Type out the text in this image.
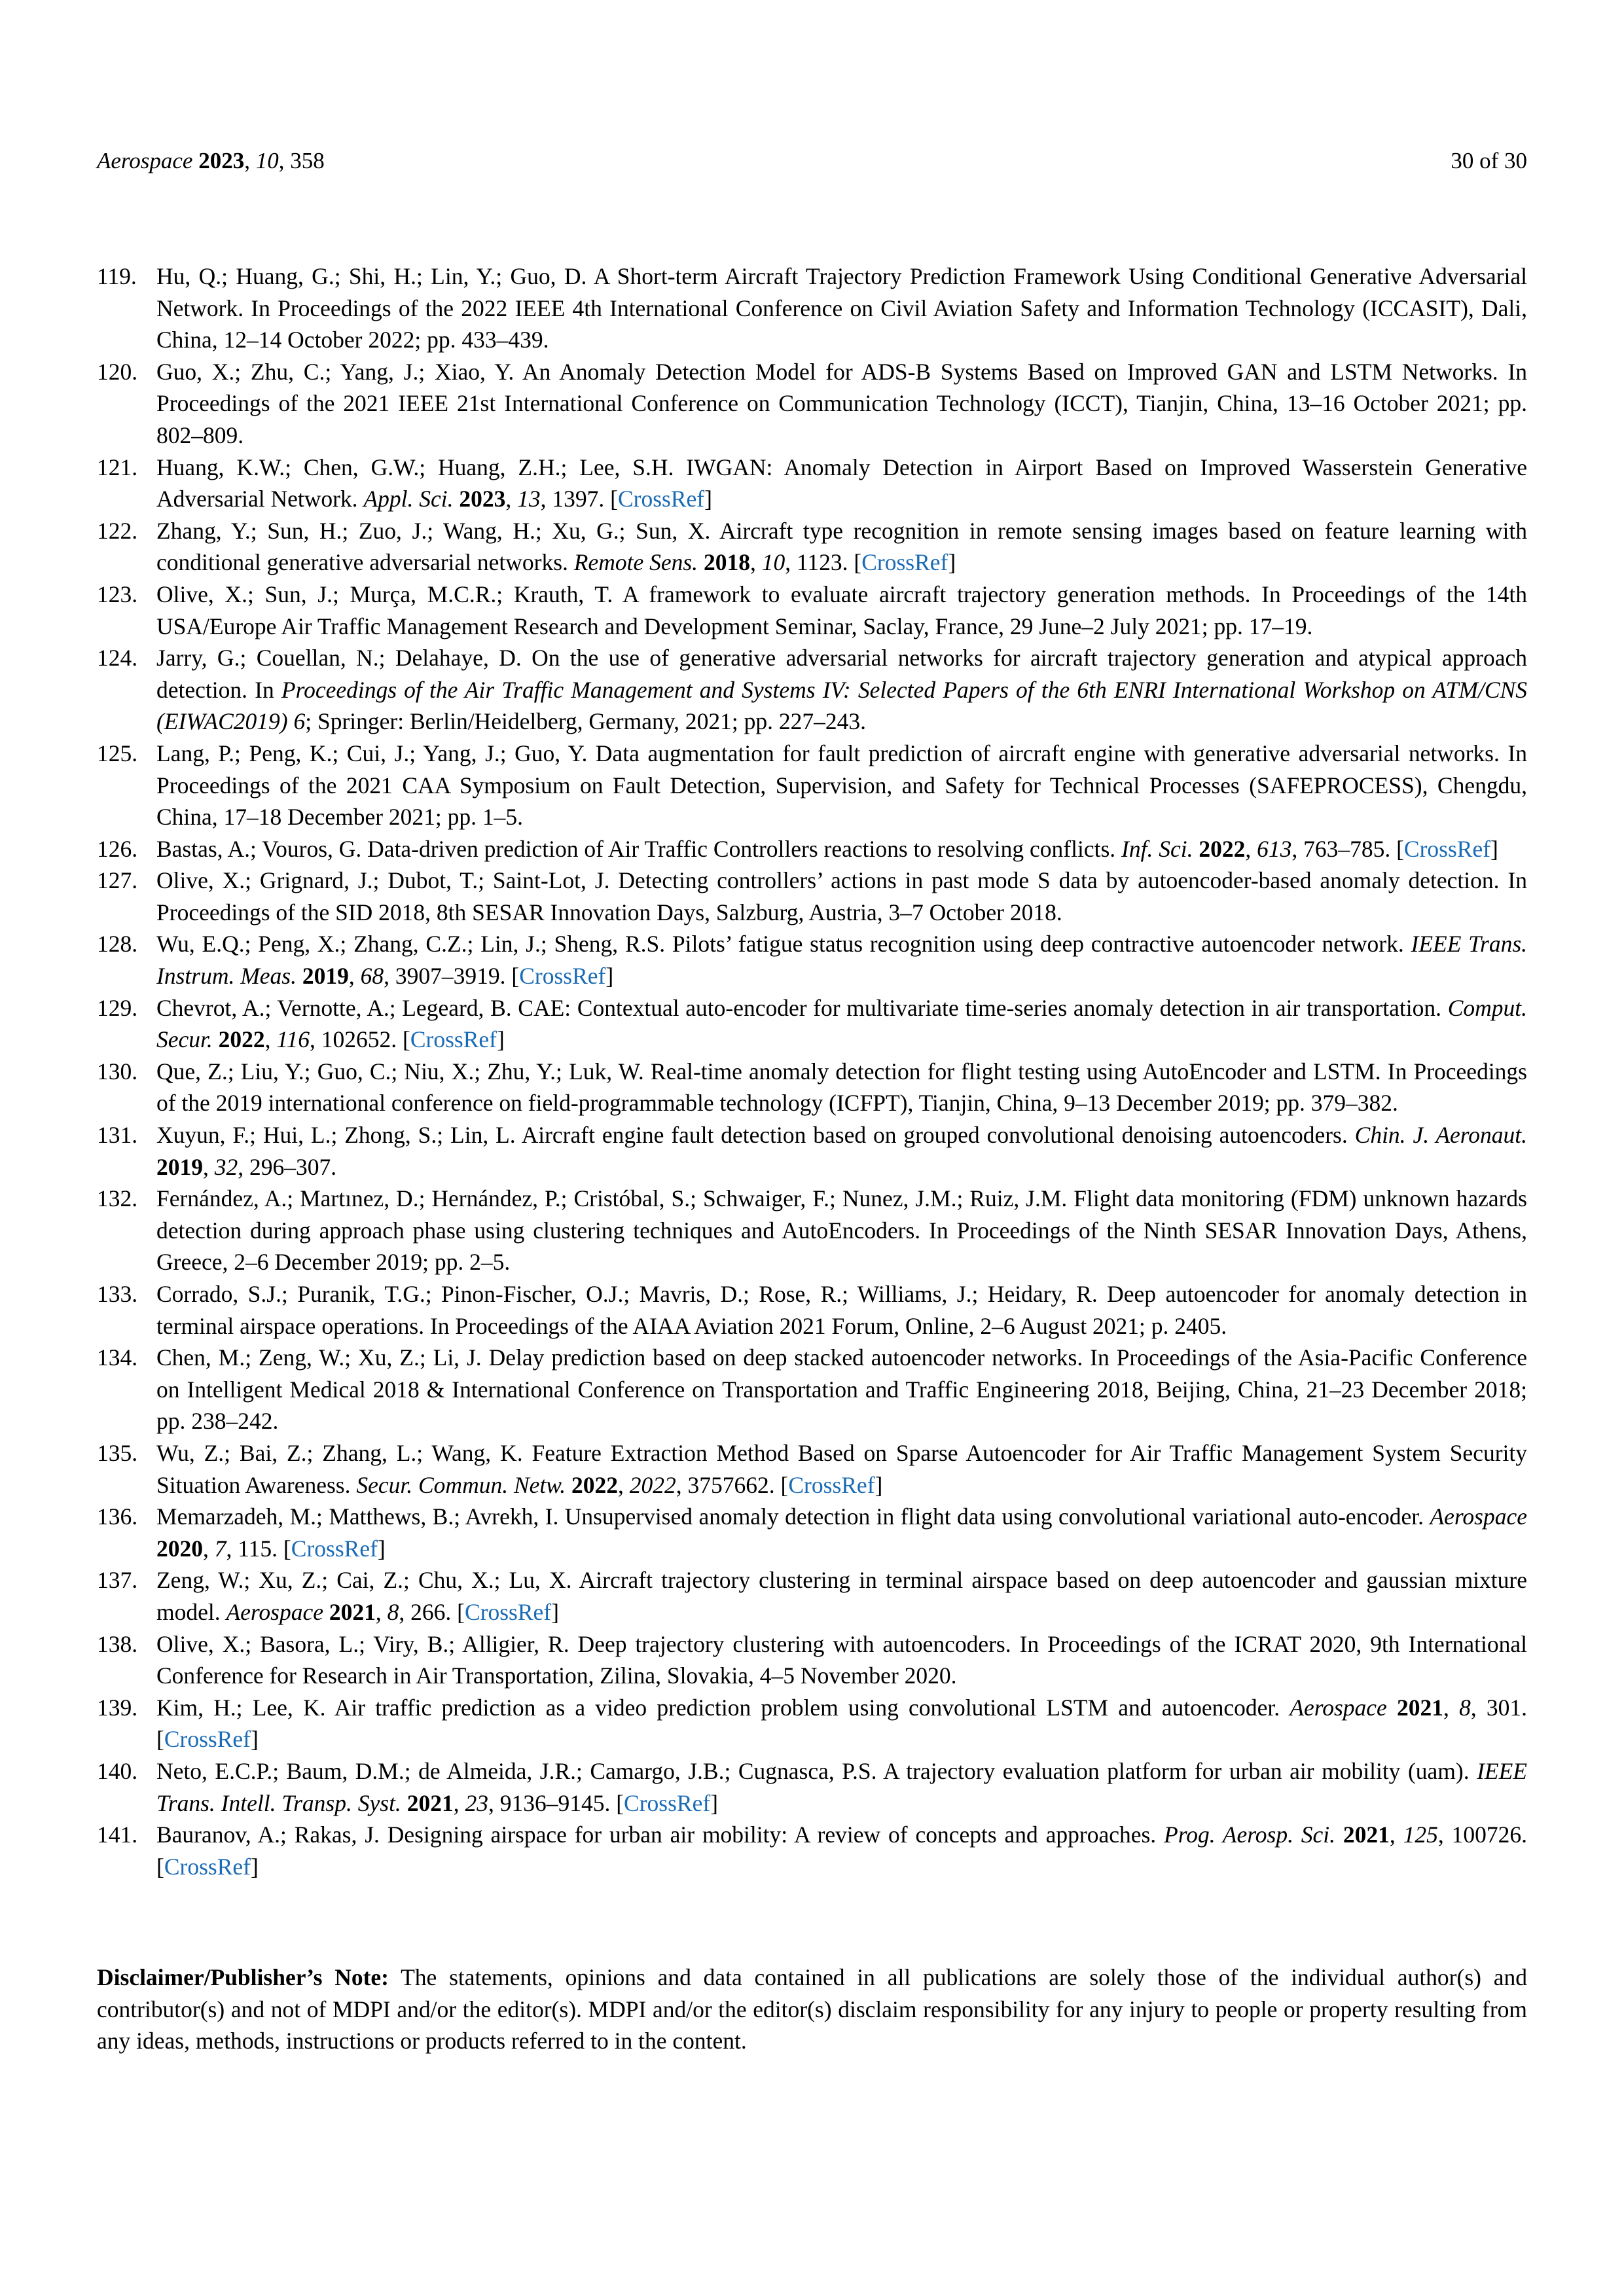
Aerospace 2023, 10, 358	30 of 30
119. Hu, Q.; Huang, G.; Shi, H.; Lin, Y.; Guo, D. A Short-term Aircraft Trajectory Prediction Framework Using Conditional Generative Adversarial Network. In Proceedings of the 2022 IEEE 4th International Conference on Civil Aviation Safety and Information Technology (ICCASIT), Dali, China, 12–14 October 2022; pp. 433–439.
120. Guo, X.; Zhu, C.; Yang, J.; Xiao, Y. An Anomaly Detection Model for ADS-B Systems Based on Improved GAN and LSTM Networks. In Proceedings of the 2021 IEEE 21st International Conference on Communication Technology (ICCT), Tianjin, China, 13–16 October 2021; pp. 802–809.
121. Huang, K.W.; Chen, G.W.; Huang, Z.H.; Lee, S.H. IWGAN: Anomaly Detection in Airport Based on Improved Wasserstein Generative Adversarial Network. Appl. Sci. 2023, 13, 1397. [CrossRef]
122. Zhang, Y.; Sun, H.; Zuo, J.; Wang, H.; Xu, G.; Sun, X. Aircraft type recognition in remote sensing images based on feature learning with conditional generative adversarial networks. Remote Sens. 2018, 10, 1123. [CrossRef]
123. Olive, X.; Sun, J.; Murça, M.C.R.; Krauth, T. A framework to evaluate aircraft trajectory generation methods. In Proceedings of the 14th USA/Europe Air Traffic Management Research and Development Seminar, Saclay, France, 29 June–2 July 2021; pp. 17–19.
124. Jarry, G.; Couellan, N.; Delahaye, D. On the use of generative adversarial networks for aircraft trajectory generation and atypical approach detection. In Proceedings of the Air Traffic Management and Systems IV: Selected Papers of the 6th ENRI International Workshop on ATM/CNS (EIWAC2019) 6; Springer: Berlin/Heidelberg, Germany, 2021; pp. 227–243.
125. Lang, P.; Peng, K.; Cui, J.; Yang, J.; Guo, Y. Data augmentation for fault prediction of aircraft engine with generative adversarial networks. In Proceedings of the 2021 CAA Symposium on Fault Detection, Supervision, and Safety for Technical Processes (SAFEPROCESS), Chengdu, China, 17–18 December 2021; pp. 1–5.
126. Bastas, A.; Vouros, G. Data-driven prediction of Air Traffic Controllers reactions to resolving conflicts. Inf. Sci. 2022, 613, 763–785. [CrossRef]
127. Olive, X.; Grignard, J.; Dubot, T.; Saint-Lot, J. Detecting controllers’ actions in past mode S data by autoencoder-based anomaly detection. In Proceedings of the SID 2018, 8th SESAR Innovation Days, Salzburg, Austria, 3–7 October 2018.
128. Wu, E.Q.; Peng, X.; Zhang, C.Z.; Lin, J.; Sheng, R.S. Pilots’ fatigue status recognition using deep contractive autoencoder network. IEEE Trans. Instrum. Meas. 2019, 68, 3907–3919. [CrossRef]
129. Chevrot, A.; Vernotte, A.; Legeard, B. CAE: Contextual auto-encoder for multivariate time-series anomaly detection in air transportation. Comput. Secur. 2022, 116, 102652. [CrossRef]
130. Que, Z.; Liu, Y.; Guo, C.; Niu, X.; Zhu, Y.; Luk, W. Real-time anomaly detection for flight testing using AutoEncoder and LSTM. In Proceedings of the 2019 international conference on field-programmable technology (ICFPT), Tianjin, China, 9–13 December 2019; pp. 379–382.
131. Xuyun, F.; Hui, L.; Zhong, S.; Lin, L. Aircraft engine fault detection based on grouped convolutional denoising autoencoders. Chin. J. Aeronaut. 2019, 32, 296–307.
132. Fernández, A.; Martınez, D.; Hernández, P.; Cristóbal, S.; Schwaiger, F.; Nunez, J.M.; Ruiz, J.M. Flight data monitoring (FDM) unknown hazards detection during approach phase using clustering techniques and AutoEncoders. In Proceedings of the Ninth SESAR Innovation Days, Athens, Greece, 2–6 December 2019; pp. 2–5.
133. Corrado, S.J.; Puranik, T.G.; Pinon-Fischer, O.J.; Mavris, D.; Rose, R.; Williams, J.; Heidary, R. Deep autoencoder for anomaly detection in terminal airspace operations. In Proceedings of the AIAA Aviation 2021 Forum, Online, 2–6 August 2021; p. 2405.
134. Chen, M.; Zeng, W.; Xu, Z.; Li, J. Delay prediction based on deep stacked autoencoder networks. In Proceedings of the Asia-Pacific Conference on Intelligent Medical 2018 & International Conference on Transportation and Traffic Engineering 2018, Beijing, China, 21–23 December 2018; pp. 238–242.
135. Wu, Z.; Bai, Z.; Zhang, L.; Wang, K. Feature Extraction Method Based on Sparse Autoencoder for Air Traffic Management System Security Situation Awareness. Secur. Commun. Netw. 2022, 2022, 3757662. [CrossRef]
136. Memarzadeh, M.; Matthews, B.; Avrekh, I. Unsupervised anomaly detection in flight data using convolutional variational auto-encoder. Aerospace 2020, 7, 115. [CrossRef]
137. Zeng, W.; Xu, Z.; Cai, Z.; Chu, X.; Lu, X. Aircraft trajectory clustering in terminal airspace based on deep autoencoder and gaussian mixture model. Aerospace 2021, 8, 266. [CrossRef]
138. Olive, X.; Basora, L.; Viry, B.; Alligier, R. Deep trajectory clustering with autoencoders. In Proceedings of the ICRAT 2020, 9th International Conference for Research in Air Transportation, Zilina, Slovakia, 4–5 November 2020.
139. Kim, H.; Lee, K. Air traffic prediction as a video prediction problem using convolutional LSTM and autoencoder. Aerospace 2021, 8, 301. [CrossRef]
140. Neto, E.C.P.; Baum, D.M.; de Almeida, J.R.; Camargo, J.B.; Cugnasca, P.S. A trajectory evaluation platform for urban air mobility (uam). IEEE Trans. Intell. Transp. Syst. 2021, 23, 9136–9145. [CrossRef]
141. Bauranov, A.; Rakas, J. Designing airspace for urban air mobility: A review of concepts and approaches. Prog. Aerosp. Sci. 2021, 125, 100726. [CrossRef]
Disclaimer/Publisher’s Note: The statements, opinions and data contained in all publications are solely those of the individual author(s) and contributor(s) and not of MDPI and/or the editor(s). MDPI and/or the editor(s) disclaim responsibility for any injury to people or property resulting from any ideas, methods, instructions or products referred to in the content.
